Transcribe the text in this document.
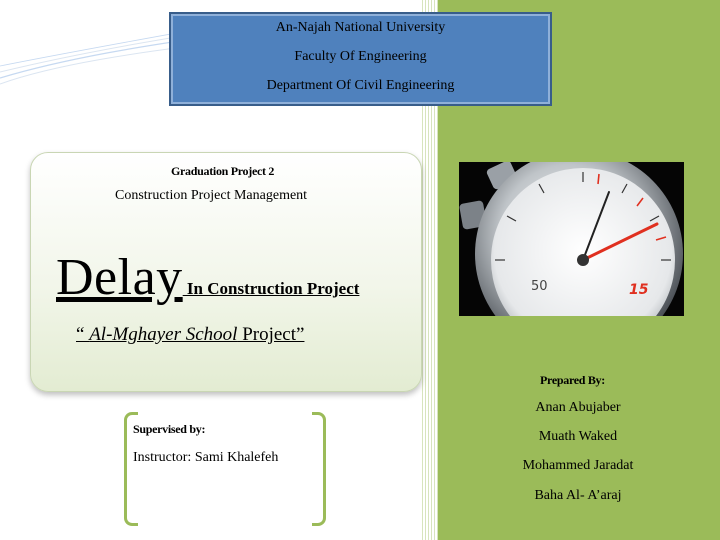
An-Najah National University
Faculty Of Engineering
Department Of Civil Engineering
Graduation Project 2
Construction Project Management
Delay In Construction Project
“ Al-Mghayer School Project”
50	15
Prepared By:
Anan Abujaber
Muath Waked
Mohammed Jaradat
Baha Al- A’araj
Supervised by:
Instructor: Sami Khalefeh
